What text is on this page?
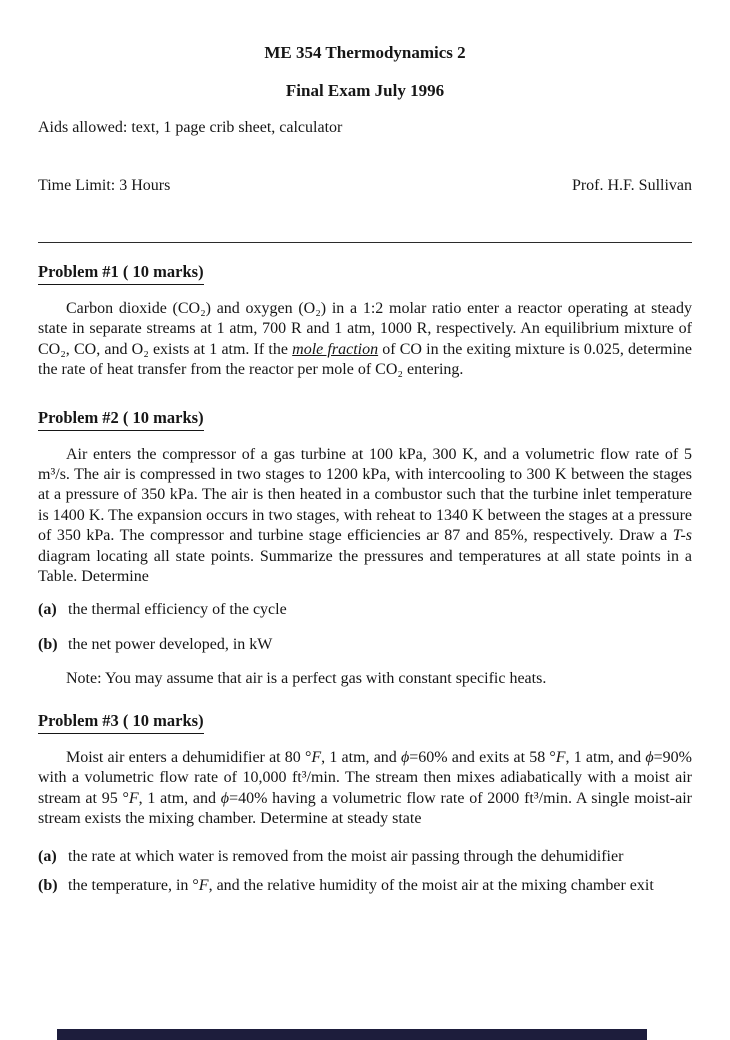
ME 354 Thermodynamics 2
Final Exam July 1996
Aids allowed: text, 1 page crib sheet, calculator
Time Limit: 3 Hours	Prof. H.F. Sullivan
Problem #1 ( 10 marks)

Carbon dioxide (CO₂) and oxygen (O₂) in a 1:2 molar ratio enter a reactor operating at steady state in separate streams at 1 atm, 700 R and 1 atm, 1000 R, respectively. An equilibrium mixture of CO₂, CO, and O₂ exists at 1 atm. If the mole fraction of CO in the exiting mixture is 0.025, determine the rate of heat transfer from the reactor per mole of CO₂ entering.

Problem #2 ( 10 marks)

Air enters the compressor of a gas turbine at 100 kPa, 300 K, and a volumetric flow rate of 5 m³/s. The air is compressed in two stages to 1200 kPa, with intercooling to 300 K between the stages at a pressure of 350 kPa. The air is then heated in a combustor such that the turbine inlet temperature is 1400 K. The expansion occurs in two stages, with reheat to 1340 K between the stages at a pressure of 350 kPa. The compressor and turbine stage efficiencies ar 87 and 85%, respectively. Draw a T-s diagram locating all state points. Summarize the pressures and temperatures at all state points in a Table. Determine

(a) the thermal efficiency of the cycle
(b) the net power developed, in kW
Note: You may assume that air is a perfect gas with constant specific heats.
Problem #3 ( 10 marks)

Moist air enters a dehumidifier at 80 °F, 1 atm, and ϕ=60% and exits at 58 °F, 1 atm, and ϕ=90% with a volumetric flow rate of 10,000 ft³/min. The stream then mixes adiabatically with a moist air stream at 95 °F, 1 atm, and ϕ=40% having a volumetric flow rate of 2000 ft³/min. A single moist-air stream exists the mixing chamber. Determine at steady state

(a) the rate at which water is removed from the moist air passing through the dehumidifier
(b) the temperature, in °F, and the relative humidity of the moist air at the mixing chamber exit
